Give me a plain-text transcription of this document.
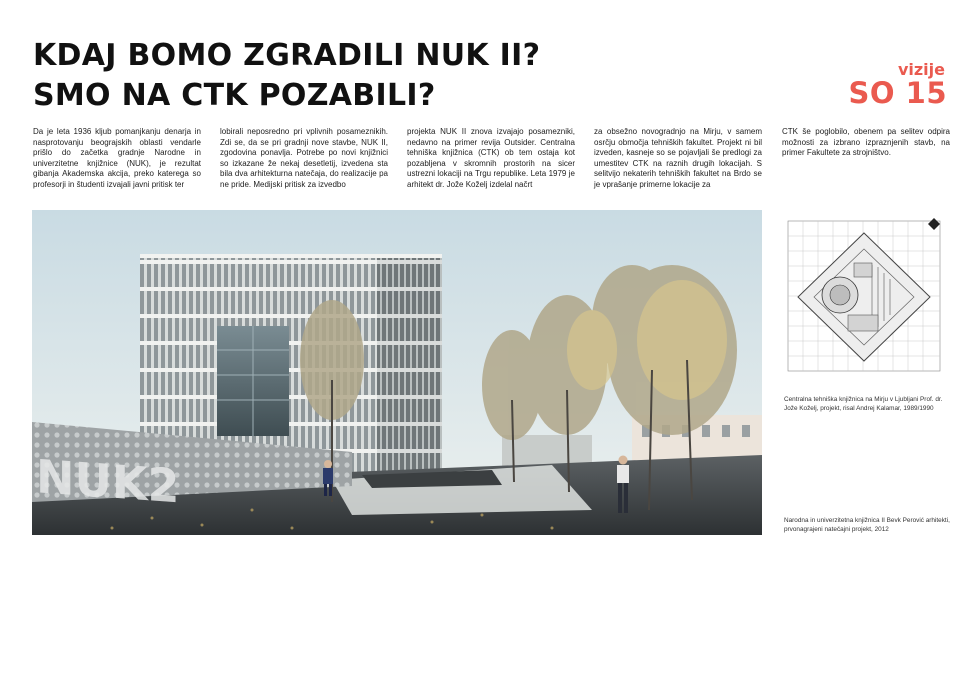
KDAJ BOMO ZGRADILI NUK II?
SMO NA CTK POZABILI?
vizije
SO 15
Da je leta 1936 kljub pomanjkanju denarja in nasprotovanju beograjskih oblasti vendarle prišlo do začetka gradnje Narodne in univerzitetne knjižnice (NUK), je rezultat gibanja Akademska akcija, preko katerega so profesorji in študenti izvajali javni pritisk ter
lobirali neposredno pri vplivnih posameznikih. Zdi se, da se pri gradnji nove stavbe, NUK II, zgodovina ponavlja. Potrebe po novi knjižnici so izkazane že nekaj desetletij, izvedena sta bila dva arhitekturna natečaja, do realizacije pa ne pride. Medijski pritisk za izvedbo
projekta NUK II znova izvajajo posamezniki, nedavno na primer revija Outsider. Centralna tehniška knjižnica (CTK) ob tem ostaja kot pozabljena v skromnih prostorih na sicer ustrezni lokaciji na Trgu republike. Leta 1979 je arhitekt dr. Jože Koželj izdelal načrt
za obsežno novogradnjo na Mirju, v samem osrčju območja tehniških fakultet. Projekt ni bil izveden, kasneje so se pojavljali še predlogi za umestitev CTK na raznih drugih lokacijah. S selitvijo nekaterih tehniških fakultet na Brdo se je vprašanje primerne lokacije za
CTK še poglobilo, obenem pa selitev odpira možnosti za izbrano izpraznjenih stavb, na primer Fakultete za strojništvo.
NUK2
Centralna tehniška knjižnica na Mirju v Ljubljani Prof. dr. Jože Koželj, projekt, risal Andrej Kalamar, 1989/1990
Narodna in univerzitetna knjižnica II Bevk Perović arhitekti, prvonagrajeni natečajni projekt, 2012
